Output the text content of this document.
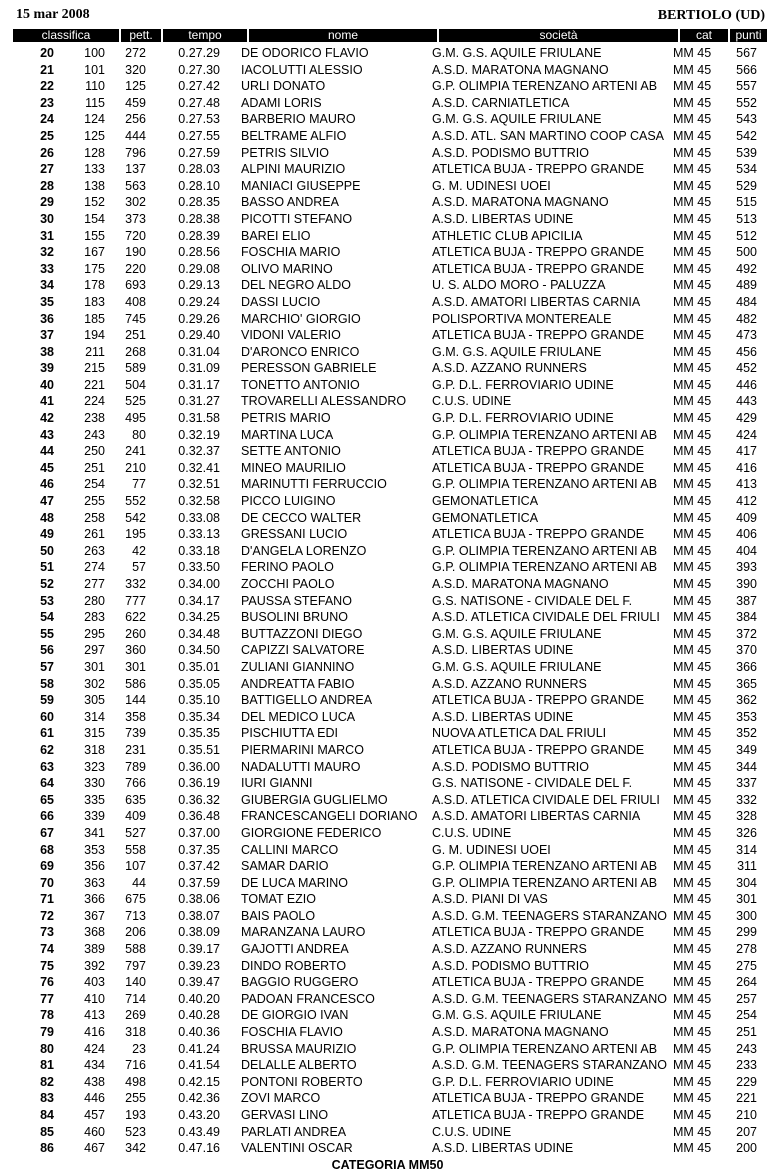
15 mar 2008	BERTIOLO (UD)
classifica	pett.	tempo	nome	società	cat	punti
20	100	272	0.27.29 DE ODORICO FLAVIO	G.M. G.S. AQUILE FRIULANE	MM 45	567
21	101	320	0.27.30 IACOLUTTI ALESSIO	A.S.D. MARATONA MAGNANO	MM 45	566
22	110	125	0.27.42 URLI DONATO	G.P. OLIMPIA TERENZANO ARTENI AB	MM 45	557
23	115	459	0.27.48 ADAMI LORIS	A.S.D. CARNIATLETICA	MM 45	552
24	124	256	0.27.53 BARBERIO MAURO	G.M. G.S. AQUILE FRIULANE	MM 45	543
25	125	444	0.27.55 BELTRAME ALFIO	A.S.D. ATL. SAN MARTINO COOP CASA MM 45	542
26	128	796	0.27.59 PETRIS SILVIO	A.S.D. PODISMO BUTTRIO	MM 45	539
27	133	137	0.28.03 ALPINI MAURIZIO	ATLETICA BUJA - TREPPO GRANDE	MM 45	534
28	138	563	0.28.10 MANIACI GIUSEPPE	G. M. UDINESI UOEI	MM 45	529
29	152	302	0.28.35 BASSO ANDREA	A.S.D. MARATONA MAGNANO	MM 45	515
30	154	373	0.28.38 PICOTTI STEFANO	A.S.D. LIBERTAS UDINE	MM 45	513
31	155	720	0.28.39 BAREI ELIO	ATHLETIC CLUB APICILIA	MM 45	512
32	167	190	0.28.56 FOSCHIA MARIO	ATLETICA BUJA - TREPPO GRANDE	MM 45	500
33	175	220	0.29.08 OLIVO MARINO	ATLETICA BUJA - TREPPO GRANDE	MM 45	492
34	178	693	0.29.13 DEL NEGRO ALDO	U. S. ALDO MORO - PALUZZA	MM 45	489
35	183	408	0.29.24 DASSI LUCIO	A.S.D. AMATORI LIBERTAS CARNIA	MM 45	484
36	185	745	0.29.26 MARCHIO' GIORGIO	POLISPORTIVA MONTEREALE	MM 45	482
37	194	251	0.29.40 VIDONI VALERIO	ATLETICA BUJA - TREPPO GRANDE	MM 45	473
38	211	268	0.31.04 D'ARONCO ENRICO	G.M. G.S. AQUILE FRIULANE	MM 45	456
39	215	589	0.31.09 PERESSON GABRIELE	A.S.D. AZZANO RUNNERS	MM 45	452
40	221	504	0.31.17 TONETTO ANTONIO	G.P. D.L. FERROVIARIO UDINE	MM 45	446
41	224	525	0.31.27 TROVARELLI ALESSANDRO	C.U.S. UDINE	MM 45	443
42	238	495	0.31.58 PETRIS MARIO	G.P. D.L. FERROVIARIO UDINE	MM 45	429
43	243	80	0.32.19 MARTINA LUCA	G.P. OLIMPIA TERENZANO ARTENI AB	MM 45	424
44	250	241	0.32.37 SETTE ANTONIO	ATLETICA BUJA - TREPPO GRANDE	MM 45	417
45	251	210	0.32.41 MINEO MAURILIO	ATLETICA BUJA - TREPPO GRANDE	MM 45	416
46	254	77	0.32.51 MARINUTTI FERRUCCIO	G.P. OLIMPIA TERENZANO ARTENI AB	MM 45	413
47	255	552	0.32.58 PICCO LUIGINO	GEMONATLETICA	MM 45	412
48	258	542	0.33.08 DE CECCO WALTER	GEMONATLETICA	MM 45	409
49	261	195	0.33.13 GRESSANI LUCIO	ATLETICA BUJA - TREPPO GRANDE	MM 45	406
50	263	42	0.33.18 D'ANGELA LORENZO	G.P. OLIMPIA TERENZANO ARTENI AB	MM 45	404
51	274	57	0.33.50 FERINO PAOLO	G.P. OLIMPIA TERENZANO ARTENI AB	MM 45	393
52	277	332	0.34.00 ZOCCHI PAOLO	A.S.D. MARATONA MAGNANO	MM 45	390
53	280	777	0.34.17 PAUSSA STEFANO	G.S. NATISONE - CIVIDALE DEL F.	MM 45	387
54	283	622	0.34.25 BUSOLINI BRUNO	A.S.D. ATLETICA CIVIDALE DEL FRIULI	MM 45	384
55	295	260	0.34.48 BUTTAZZONI DIEGO	G.M. G.S. AQUILE FRIULANE	MM 45	372
56	297	360	0.34.50 CAPIZZI SALVATORE	A.S.D. LIBERTAS UDINE	MM 45	370
57	301	301	0.35.01 ZULIANI GIANNINO	G.M. G.S. AQUILE FRIULANE	MM 45	366
58	302	586	0.35.05 ANDREATTA FABIO	A.S.D. AZZANO RUNNERS	MM 45	365
59	305	144	0.35.10 BATTIGELLO ANDREA	ATLETICA BUJA - TREPPO GRANDE	MM 45	362
60	314	358	0.35.34 DEL MEDICO LUCA	A.S.D. LIBERTAS UDINE	MM 45	353
61	315	739	0.35.35 PISCHIUTTA EDI	NUOVA ATLETICA DAL FRIULI	MM 45	352
62	318	231	0.35.51 PIERMARINI MARCO	ATLETICA BUJA - TREPPO GRANDE	MM 45	349
63	323	789	0.36.00 NADALUTTI MAURO	A.S.D. PODISMO BUTTRIO	MM 45	344
64	330	766	0.36.19 IURI GIANNI	G.S. NATISONE - CIVIDALE DEL F.	MM 45	337
65	335	635	0.36.32 GIUBERGIA GUGLIELMO	A.S.D. ATLETICA CIVIDALE DEL FRIULI	MM 45	332
66	339	409	0.36.48 FRANCESCANGELI DORIANO	A.S.D. AMATORI LIBERTAS CARNIA	MM 45	328
67	341	527	0.37.00 GIORGIONE FEDERICO	C.U.S. UDINE	MM 45	326
68	353	558	0.37.35 CALLINI MARCO	G. M. UDINESI UOEI	MM 45	314
69	356	107	0.37.42 SAMAR DARIO	G.P. OLIMPIA TERENZANO ARTENI AB	MM 45	311
70	363	44	0.37.59 DE LUCA MARINO	G.P. OLIMPIA TERENZANO ARTENI AB	MM 45	304
71	366	675	0.38.06 TOMAT EZIO	A.S.D. PIANI DI VAS	MM 45	301
72	367	713	0.38.07 BAIS PAOLO	A.S.D. G.M. TEENAGERS STARANZANO MM 45	300
73	368	206	0.38.09 MARANZANA LAURO	ATLETICA BUJA - TREPPO GRANDE	MM 45	299
74	389	588	0.39.17 GAJOTTI ANDREA	A.S.D. AZZANO RUNNERS	MM 45	278
75	392	797	0.39.23 DINDO ROBERTO	A.S.D. PODISMO BUTTRIO	MM 45	275
76	403	140	0.39.47 BAGGIO RUGGERO	ATLETICA BUJA - TREPPO GRANDE	MM 45	264
77	410	714	0.40.20 PADOAN FRANCESCO	A.S.D. G.M. TEENAGERS STARANZANO MM 45	257
78	413	269	0.40.28 DE GIORGIO IVAN	G.M. G.S. AQUILE FRIULANE	MM 45	254
79	416	318	0.40.36 FOSCHIA FLAVIO	A.S.D. MARATONA MAGNANO	MM 45	251
80	424	23	0.41.24 BRUSSA MAURIZIO	G.P. OLIMPIA TERENZANO ARTENI AB	MM 45	243
81	434	716	0.41.54 DELALLE ALBERTO	A.S.D. G.M. TEENAGERS STARANZANO MM 45	233
82	438	498	0.42.15 PONTONI ROBERTO	G.P. D.L. FERROVIARIO UDINE	MM 45	229
83	446	255	0.42.36 ZOVI MARCO	ATLETICA BUJA - TREPPO GRANDE	MM 45	221
84	457	193	0.43.20 GERVASI LINO	ATLETICA BUJA - TREPPO GRANDE	MM 45	210
85	460	523	0.43.49 PARLATI ANDREA	C.U.S. UDINE	MM 45	207
86	467	342	0.47.16 VALENTINI OSCAR	A.S.D. LIBERTAS UDINE	MM 45	200
CATEGORIA MM50
